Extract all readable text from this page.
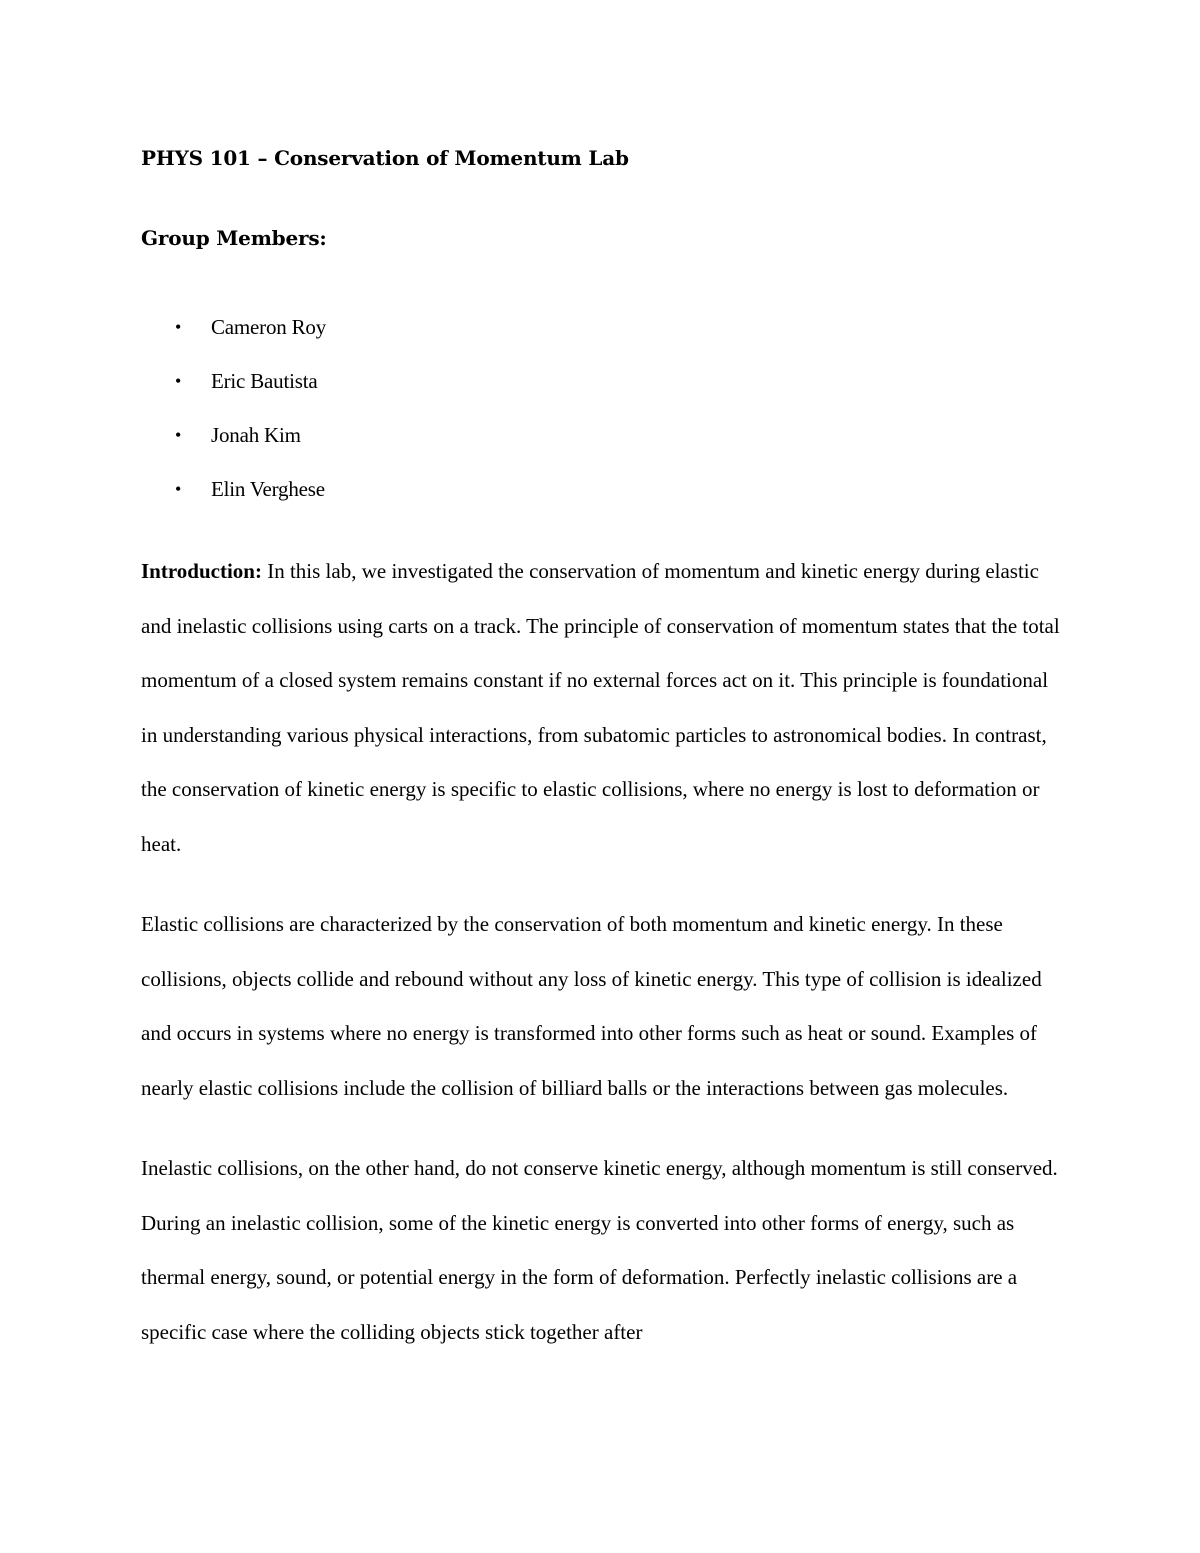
PHYS 101 – Conservation of Momentum Lab
Group Members:
• Cameron Roy
• Eric Bautista
• Jonah Kim
• Elin Verghese

Introduction: In this lab, we investigated the conservation of momentum and kinetic energy during elastic and inelastic collisions using carts on a track. The principle of conservation of momentum states that the total momentum of a closed system remains constant if no external forces act on it. This principle is foundational in understanding various physical interactions, from subatomic particles to astronomical bodies. In contrast, the conservation of kinetic energy is specific to elastic collisions, where no energy is lost to deformation or heat.

Elastic collisions are characterized by the conservation of both momentum and kinetic energy. In these collisions, objects collide and rebound without any loss of kinetic energy. This type of collision is idealized and occurs in systems where no energy is transformed into other forms such as heat or sound. Examples of nearly elastic collisions include the collision of billiard balls or the interactions between gas molecules.

Inelastic collisions, on the other hand, do not conserve kinetic energy, although momentum is still conserved. During an inelastic collision, some of the kinetic energy is converted into other forms of energy, such as thermal energy, sound, or potential energy in the form of deformation. Perfectly inelastic collisions are a specific case where the colliding objects stick together after
